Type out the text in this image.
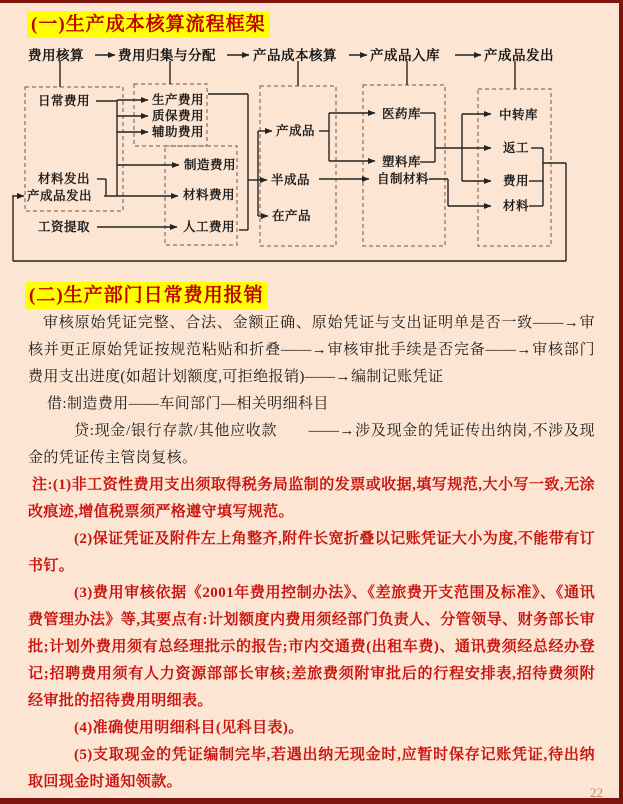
费用核算	费用归集与分配	产品成本核算 产成品入库	产成品发出
日常费用
材料发出
产成品发出
工资提取
生产费用
质保费用
辅助费用
制造费用
材料费用
人工费用
产成品
半成品
在产品
医药库
塑料库
自制材料
中转库
返工
费用
材料
(一)生产成本核算流程框架
(二)生产部门日常费用报销

审核原始凭证完整、合法、金额正确、原始凭证与支出证明单是否一致——→审核并更正原始凭证按规范粘贴和折叠——→审核审批手续是否完备——→审核部门费用支出进度(如超计划额度,可拒绝报销)——→编制记账凭证

借:制造费用——车间部门—相关明细科目

贷:现金/银行存款/其他应收款　　——→涉及现金的凭证传出纳岗,不涉及现金的凭证传主管岗复核。

注:(1)非工资性费用支出须取得税务局监制的发票或收据,填写规范,大小写一致,无涂改痕迹,增值税票须严格遵守填写规范。

(2)保证凭证及附件左上角整齐,附件长宽折叠以记账凭证大小为度,不能带有订书钉。

(3)费用审核依据《2001年费用控制办法》、《差旅费开支范围及标准》、《通讯费管理办法》等,其要点有:计划额度内费用须经部门负责人、分管领导、财务部长审批;计划外费用须有总经理批示的报告;市内交通费(出租车费)、通讯费须经总经办登记;招聘费用须有人力资源部部长审核;差旅费须附审批后的行程安排表,招待费须附经审批的招待费用明细表。

(4)准确使用明细科目(见科目表)。

(5)支取现金的凭证编制完毕,若遇出纳无现金时,应暂时保存记账凭证,待出纳取回现金时通知领款。

22
